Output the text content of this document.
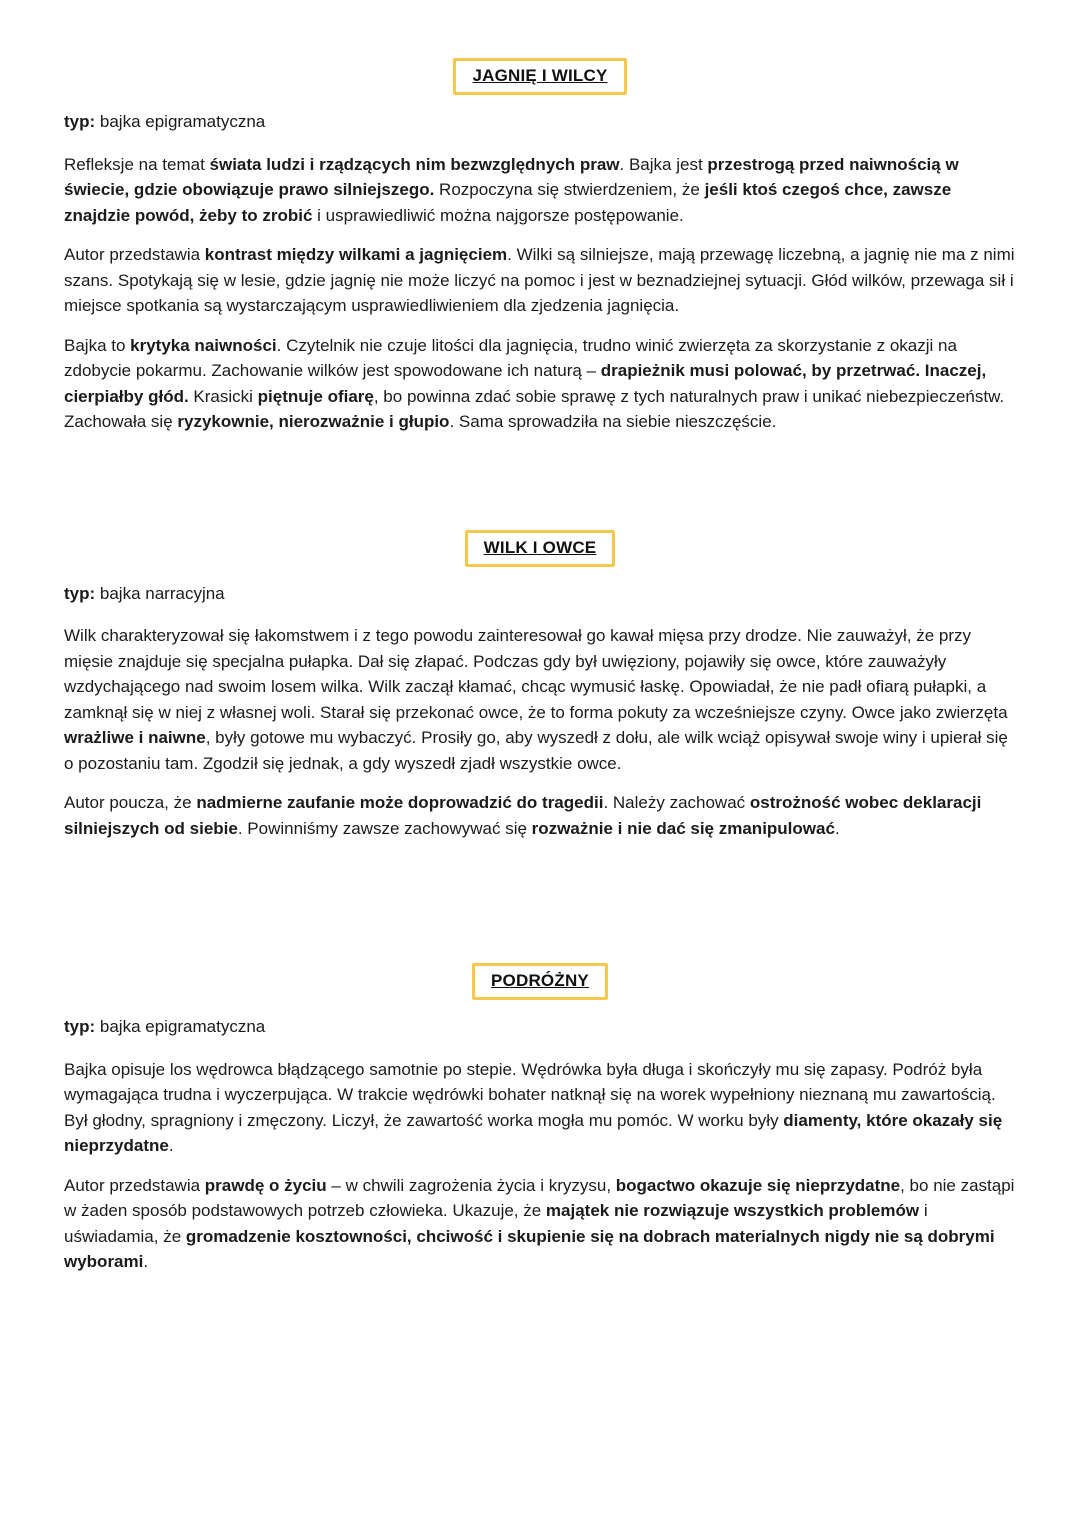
JAGNIĘ I WILCY

typ: bajka epigramatyczna

Refleksje na temat świata ludzi i rządzących nim bezwzględnych praw. Bajka jest przestrogą przed naiwnością w świecie, gdzie obowiązuje prawo silniejszego. Rozpoczyna się stwierdzeniem, że jeśli ktoś czegoś chce, zawsze znajdzie powód, żeby to zrobić i usprawiedliwić można najgorsze postępowanie.

Autor przedstawia kontrast między wilkami a jagnięciem. Wilki są silniejsze, mają przewagę liczebną, a jagnię nie ma z nimi szans. Spotykają się w lesie, gdzie jagnię nie może liczyć na pomoc i jest w beznadziejnej sytuacji. Głód wilków, przewaga sił i miejsce spotkania są wystarczającym usprawiedliwieniem dla zjedzenia jagnięcia.

Bajka to krytyka naiwności. Czytelnik nie czuje litości dla jagnięcia, trudno winić zwierzęta za skorzystanie z okazji na zdobycie pokarmu. Zachowanie wilków jest spowodowane ich naturą – drapieżnik musi polować, by przetrwać. Inaczej, cierpiałby głód. Krasicki piętnuje ofiarę, bo powinna zdać sobie sprawę z tych naturalnych praw i unikać niebezpieczeństw. Zachowała się ryzykownie, nierozważnie i głupio. Sama sprowadziła na siebie nieszczęście.

WILK I OWCE

typ: bajka narracyjna

Wilk charakteryzował się łakomstwem i z tego powodu zainteresował go kawał mięsa przy drodze. Nie zauważył, że przy mięsie znajduje się specjalna pułapka. Dał się złapać. Podczas gdy był uwięziony, pojawiły się owce, które zauważyły wzdychającego nad swoim losem wilka. Wilk zaczął kłamać, chcąc wymusić łaskę. Opowiadał, że nie padł ofiarą pułapki, a zamknął się w niej z własnej woli. Starał się przekonać owce, że to forma pokuty za wcześniejsze czyny. Owce jako zwierzęta wrażliwe i naiwne, były gotowe mu wybaczyć. Prosiły go, aby wyszedł z dołu, ale wilk wciąż opisywał swoje winy i upierał się o pozostaniu tam. Zgodził się jednak, a gdy wyszedł zjadł wszystkie owce.

Autor poucza, że nadmierne zaufanie może doprowadzić do tragedii. Należy zachować ostrożność wobec deklaracji silniejszych od siebie. Powinniśmy zawsze zachowywać się rozważnie i nie dać się zmanipulować.

PODRÓŻNY

typ: bajka epigramatyczna

Bajka opisuje los wędrowca błądzącego samotnie po stepie. Wędrówka była długa i skończyły mu się zapasy. Podróż była wymagająca trudna i wyczerpująca. W trakcie wędrówki bohater natknął się na worek wypełniony nieznaną mu zawartością. Był głodny, spragniony i zmęczony. Liczył, że zawartość worka mogła mu pomóc. W worku były diamenty, które okazały się nieprzydatne.

Autor przedstawia prawdę o życiu – w chwili zagrożenia życia i kryzysu, bogactwo okazuje się nieprzydatne, bo nie zastąpi w żaden sposób podstawowych potrzeb człowieka. Ukazuje, że majątek nie rozwiązuje wszystkich problemów i uświadamia, że gromadzenie kosztowności, chciwość i skupienie się na dobrach materialnych nigdy nie są dobrymi wyborami.
